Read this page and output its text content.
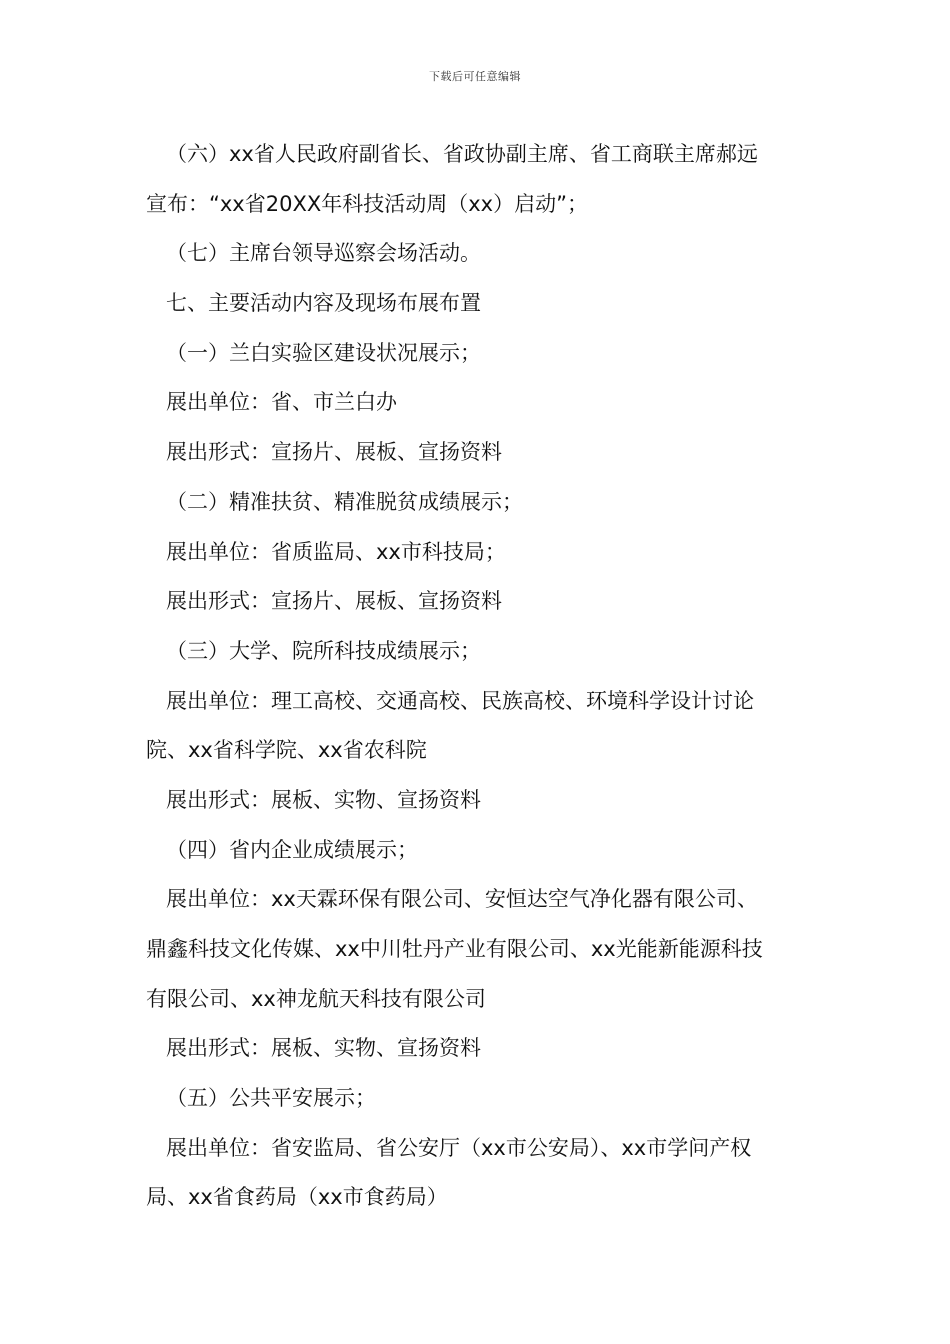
下载后可任意编辑
（六）xx省人民政府副省长、省政协副主席、省工商联主席郝远
宣布：“xx省20XX年科技活动周（xx）启动”；
（七）主席台领导巡察会场活动。
七、主要活动内容及现场布展布置
（一）兰白实验区建设状况展示；
展出单位：省、市兰白办
展出形式：宣扬片、展板、宣扬资料
（二）精准扶贫、精准脱贫成绩展示；
展出单位：省质监局、xx市科技局；
展出形式：宣扬片、展板、宣扬资料
（三）大学、院所科技成绩展示；
展出单位：理工高校、交通高校、民族高校、环境科学设计讨论
院、xx省科学院、xx省农科院
展出形式：展板、实物、宣扬资料
（四）省内企业成绩展示；
展出单位：xx天霖环保有限公司、安恒达空气净化器有限公司、
鼎鑫科技文化传媒、xx中川牡丹产业有限公司、xx光能新能源科技
有限公司、xx神龙航天科技有限公司
展出形式：展板、实物、宣扬资料
（五）公共平安展示；
展出单位：省安监局、省公安厅（xx市公安局）、xx市学问产权
局、xx省食药局（xx市食药局）
